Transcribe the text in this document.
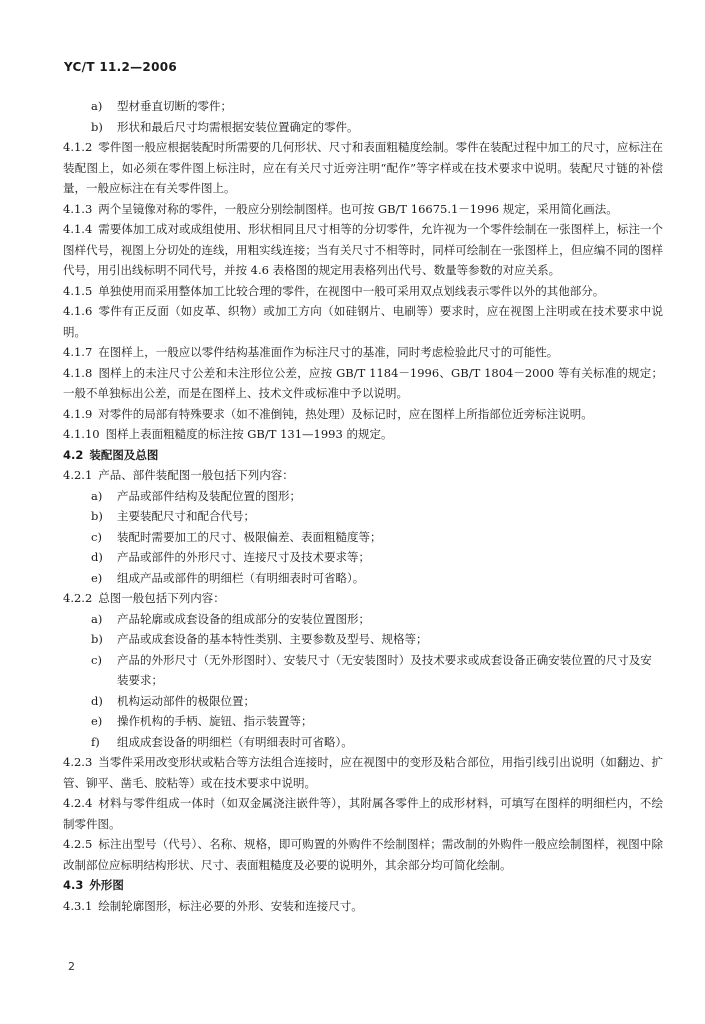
YC/T 11.2—2006
a) 型材垂直切断的零件；
b) 形状和最后尺寸均需根据安装位置确定的零件。

4.1.2 零件图一般应根据装配时所需要的几何形状、尺寸和表面粗糙度绘制。零件在装配过程中加工的尺寸，应标注在装配图上，如必须在零件图上标注时，应在有关尺寸近旁注明“配作”等字样或在技术要求中说明。装配尺寸链的补偿量，一般应标注在有关零件图上。

4.1.3 两个呈镜像对称的零件，一般应分别绘制图样。也可按 GB/T 16675.1－1996 规定，采用简化画法。

4.1.4 需要体加工成对或成组使用、形状相同且尺寸相等的分切零件，允许视为一个零件绘制在一张图样上，标注一个图样代号，视图上分切处的连线，用粗实线连接；当有关尺寸不相等时，同样可绘制在一张图样上，但应编不同的图样代号，用引出线标明不同代号，并按 4.6 表格图的规定用表格列出代号、数量等参数的对应关系。

4.1.5 单独使用而采用整体加工比较合理的零件，在视图中一般可采用双点划线表示零件以外的其他部分。

4.1.6 零件有正反面（如皮革、织物）或加工方向（如硅钢片、电刷等）要求时，应在视图上注明或在技术要求中说明。

4.1.7 在图样上，一般应以零件结构基准面作为标注尺寸的基准，同时考虑检验此尺寸的可能性。

4.1.8 图样上的未注尺寸公差和未注形位公差，应按 GB/T 1184－1996、GB/T 1804－2000 等有关标准的规定；一般不单独标出公差，而是在图样上、技术文件或标准中予以说明。

4.1.9 对零件的局部有特殊要求（如不准倒钝，热处理）及标记时，应在图样上所指部位近旁标注说明。

4.1.10 图样上表面粗糙度的标注按 GB/T 131—1993 的规定。

4.2 装配图及总图

4.2.1 产品、部件装配图一般包括下列内容：

a) 产品或部件结构及装配位置的图形；
b) 主要装配尺寸和配合代号；
c) 装配时需要加工的尺寸、极限偏差、表面粗糙度等；
d) 产品或部件的外形尺寸、连接尺寸及技术要求等；
e) 组成产品或部件的明细栏（有明细表时可省略）。

4.2.2 总图一般包括下列内容：

a) 产品轮廓或成套设备的组成部分的安装位置图形；
b) 产品或成套设备的基本特性类别、主要参数及型号、规格等；
c) 产品的外形尺寸（无外形图时）、安装尺寸（无安装图时）及技术要求或成套设备正确安装位置的尺寸及安装要求；
d) 机构运动部件的极限位置；
e) 操作机构的手柄、旋钮、指示装置等；
f) 组成成套设备的明细栏（有明细表时可省略）。

4.2.3 当零件采用改变形状或粘合等方法组合连接时，应在视图中的变形及粘合部位，用指引线引出说明（如翻边、扩管、铆平、凿毛、胶粘等）或在技术要求中说明。

4.2.4 材料与零件组成一体时（如双金属浇注嵌件等），其附属各零件上的成形材料，可填写在图样的明细栏内，不绘制零件图。

4.2.5 标注出型号（代号）、名称、规格，即可购置的外购件不绘制图样；需改制的外购件一般应绘制图样，视图中除改制部位应标明结构形状、尺寸、表面粗糙度及必要的说明外，其余部分均可简化绘制。

4.3 外形图

4.3.1 绘制轮廓图形，标注必要的外形、安装和连接尺寸。

2
